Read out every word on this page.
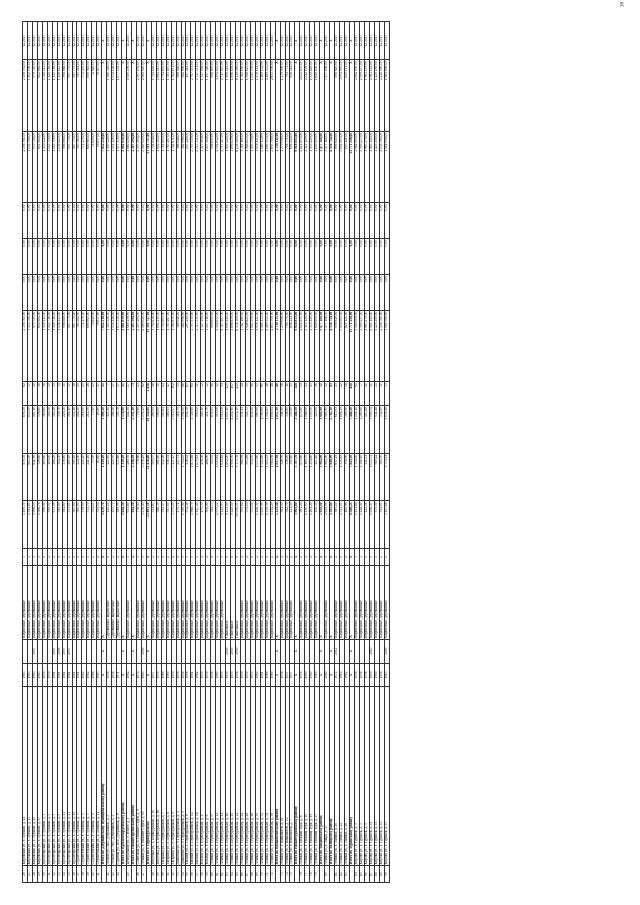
38
26	Кировская ул., г. Луганск, д. 12	1963		Кирпичные, деревянные	3	1 400,70	970,30	676,30	62	2 356 761,00	0,00	0,00	0,00	2 356 761,00	2 356 761,00	12.2017
27	Кировская ул., г. Луганск, д. 13	1963		Кирпичные, деревянные	3	1 011,60	663,50	633,50	37	1 102 706,00	0,00	0,00	0,00	1 102 706,00	1 102 706,00	12.2017
28	Кировская ул., г. Луганск, д. 15	1963	2007	Кирпичные, деревянные	3	1 006,10	641,50	587,10	25	979 720,00	0,00	0,00	0,00	979 720,00	979 720,00	12.2017
29	Кировская ул., г. Луганск, д. 17	1963		Кирпичные, деревянные	3	1 588,76	729,80	578,80	58	602 984,00	0,00	0,00	0,00	602 984,00	602 984,00	12.2017
30	Пролетарская ул., г. Луганск, д. 3	1959		Кирпичные, деревянные	2	596,00	409,60	310,60	38	1 529 112,00	0,00	0,00	0,00	1 529 112,00	1 529 112,00	12.2017
31	Пролетарская ул., г. Луганск, д. 5	1959		Кирпичные, деревянные	2	598,00	409,00	318,50	35	1 145 716,00	0,00	0,00	0,00	1 145 716,00	1 145 716,00	12.2017
32	Пролетарская ул., г. Луганск, д. 7	1961	2007	Кирпичные, деревянные	2	673,50	366,20	305,20	33	1 145 716,00	0,00	0,00	0,00	1 145 716,00	1 145 716,00	12.2017
33	Пролетарская ул., г. Луганск, д. 9	1961	2008	Кирпичные, деревянные	2	549,00	394,30	339,70	34	1 136 443,00	0,00	0,00	0,00	1 136 443,00	1 136 443,00	12.2017
34	Пролетарская ул., г. Луганск, д. 11	1961	2007	Кирпичные, деревянные	2	584,60	376,80	229,20	31	998 088,00	0,00	0,00	0,00	998 088,00	998 088,00	12.2017
35	Пролетарская ул., г. Луганск, д. 13	1961	2007	Кирпичные, деревянные	2	573,00	400,10	361,40	37	997 779,00	0,00	0,00	0,00	997 779,00	997 779,00	12.2017
36	Пролетарская ул., г. Луганск, д. 15	1961		Кирпичные, деревянные	2	567,00	390,10	332,40	36	997 779,00	0,00	0,00	0,00	997 779,00	997 779,00	12.2017
37	Строительная ул., г. Луганск, д. 3	1961		Кирпичные, деревянные	2	380,00	224,90	216,20	25	785 382,00	0,00	0,00	0,00	785 382,00	785 382,00	12.2017
38	Строительная ул., г. Луганск, д. 5	1962		Кирпичные, деревянные	2	378,00	225,20	216,00	25	771 470,00	0,00	0,00	0,00	771 470,00	771 470,00	12.2017
39	Строительная ул., г. Луганск, д. 7	1962		Кирпичные, деревянные	2	372,70	241,20	212,30	26	699 965,00	0,00	0,00	0,00	699 965,00	699 965,00	12.2017
40	Строительная ул., г. Луганск, д. 9	1966		Кирпичные, деревянные	2	354,10	77,90	77,90	23	74 649,00	0,00	0,00	0,00	74 649,00	74 649,00	12.2017
41	Строительная ул., г. Луганск, д. 11	1963		Кирпичные, деревянные	2	353,14	85,80	85,80	17	78 837,00	0,00	0,00	0,00	78 837,00	78 837,00	12.2017
	Итого по Дзержинскому муниципальному району	X	X	X	X	1 470,70	1 359,20	1 309,20	51	7 832 218,00	0,00	0,00	0,00	7 832 218,00	X	X
42	Лесная ул., пос. Дзержинск, д. 2	1958		Деревянные, кирпичные	2	425,10	425,10	425,10	7	1 360 326,00	0,00	0,00	0,00	1 360 326,00	1 360 326,00	12.2017
43	Лесная ул., пос. Дзержинск, д. 4	1958		Деревянные, кирпичные	2	455,70	420,30	398,20	27	1 534 128,00	0,00	0,00	0,00	1 534 128,00	1 534 128,00	12.2017
44	Садовая ул., пос. Дзержинск, д. 6	1971		Деревянные, кирпичные	2	589,90	513,80	350,70	17	1 077 339,00	0,00	0,00	0,00	1 077 339,00	1 077 339,00	12.2017
	Итого по Красногвардейскому району	X	X	X	X	2 634,10	1 339,20	1 174,00	51	5 961 839,00	0,00	0,00	0,00	5 961 839,00	X	X
45	Центральная ул., с. Новое, д. 1	1964		Кирпичные, деревянные	3	633,80	480,70	444,30	27	1 080 456,00	0,00	0,00	0,00	1 080 456,00	1 080 456,00	12.2017
	Итого по Нижнесергинскому району	X	X	X	X	634,10	2 336,10	2 331,30	73	2 307 294,00	0,00	0,00	0,00	2 307 294,00	X	X
46	Советская ул., г. Нижние Серги, д. 9	1974		Кирпичные, деревянные	3	778,80	778,80	778,80	23	2 307 294,00	0,00	0,00	0,00	2 307 294,00	2 307 294,00	12.2017
47	Ленина ул., г. Нижние Серги, д. 10	1965	2009	Кирпичные, деревянные	5	3 276,45	3 276,45	3 276,45	62	2 569 020,00	0,00	0,00	0,00	2 569 020,00	2 569 020,00	12.2017
	Итого по г. Первоуральску	X	X	X	X	23 803,18	21 416,40	20 314,00	2 436	51 101 737,00	0,00	0,00	0,00	51 101 737,00	X	X
48	Ватутина ул., г. Первоуральск, д. 10	1957		Кирпичные, деревянные	2	531,83	509,07	490,91	48	1 794 838,00	0,00	0,00	0,00	1 794 838,00	1 794 838,00	12.2017
49	Ватутина ул., г. Первоуральск, д. 16	1959		Кирпичные, деревянные	2	586,30	561,80	506,00	51	1 692 115,00	0,00	0,00	0,00	1 692 115,00	1 692 115,00	12.2017
50	Гагарина ул., г. Первоуральск, д. 7	1960		Кирпичные, деревянные	2	552,47	512,08	503,84	44	1 794 693,00	0,00	0,00	0,00	1 794 693,00	1 794 693,00	12.2017
51	Гагарина ул., г. Первоуральск, д. 8	1960		Кирпичные, деревянные	2	557,65	516,34	486,05	47	1 783 467,00	0,00	0,00	0,00	1 783 467,00	1 783 467,00	12.2017
52	Гагарина ул., г. Первоуральск, д. 9	1959		Кирпичные, деревянные	4	3 575,20	3 427,47	3 012,07	102	1 782 671,00	0,00	0,00	0,00	1 782 671,00	1 782 671,00	12.2017
53	Данилова ул., г. Первоуральск, д. 3	1958		Кирпичные, деревянные	2	475,71	447,72	418,79	33	388 048,00	0,00	0,00	0,00	388 048,00	388 048,00	12.2017
54	Данилова ул., г. Первоуральск, д. 5	1958		Кирпичные, деревянные	5	1 789,99	1 714,25	1 594,00	68	382 996,00	0,00	0,00	0,00	382 996,00	382 996,00	12.2017
55	Емлина ул., г. Первоуральск, д. 6	1956		Кирпичные, деревянные	3	974,38	926,52	836,78	65	297 449,00	0,00	0,00	0,00	297 449,00	297 449,00	12.2017
56	Емлина ул., г. Первоуральск, д. 14	1961		Кирпичные, деревянные	5	1 968,75	1 873,88	1 729,60	65	2 707 535,00	0,00	0,00	0,00	2 707 535,00	2 707 535,00	12.2017
57	Емлина ул., г. Первоуральск, д. 16	1962		Кирпичные, деревянные	5	1 147,49	1 079,43	999,02	51	2 717 331,00	0,00	0,00	0,00	2 717 331,00	2 717 331,00	12.2017
58	Ильича ул., г. Первоуральск, д. 4	1955		Кирпичные, деревянные	2	475,70	478,30	445,40	32	1 327 494,00	0,00	0,00	0,00	1 327 494,00	1 327 494,00	12.2017
59	Ильича ул., г. Первоуральск, д. 6	1959		Кирпичные, деревянные	2	506,90	466,90	411,70	32	1 197 318,00	0,00	0,00	0,00	1 197 318,00	1 197 318,00	12.2017
60	Ленина ул., г. Первоуральск, д. 9	1956		Кирпичные, деревянные	4	784,73	723,55	676,55	40	908 695,00	0,00	0,00	0,00	908 695,00	908 695,00	12.2017
61	Ленина ул., г. Первоуральск, д. 12	1960		Кирпичные, деревянные	3	1 075,12	1 015,84	919,06	52	4 194 652,00	0,00	0,00	0,00	4 194 652,00	4 194 652,00	12.2017
62	Ленина ул., г. Первоуральск, д. 14	1955		Кирпичные, деревянные	3	1 112,93	1 049,18	1 014,08	54	2 717 407,00	0,00	0,00	0,00	2 717 407,00	2 717 407,00	12.2017
63	Ленина ул., г. Первоуральск, д. 18	1955	2005	Панельные	5	5 133,00	4 892,00	4 097,40	129	1 909 449,00	0,00	0,00	0,00	1 909 449,00	1 909 449,00	12.2017
64	Ленина ул., г. Первоуральск, д. 20	1955	2005	Панельные	5	5 245,10	4 990,50	4 211,90	107	1 896 839,00	0,00	0,00	0,00	1 896 839,00	1 896 839,00	12.2017
65	Ленина ул., г. Первоуральск, д. 22	1958	2009	Панельные	9	10 038,50	9 373,76	9 172,30	419	6 138 389,00	0,00	0,00	0,00	6 138 389,00	6 138 389,00	12.2017
66	Ленина ул., г. Первоуральск, д. 24	1959		Кирпичные, деревянные	2	593,64	568,99	531,44	44	1 782 180,00	0,00	0,00	0,00	1 782 180,00	1 782 180,00	12.2017
67	Ленина ул., г. Первоуральск, д. 26	1959		Кирпичные, деревянные	2	579,19	553,89	545,75	33	1 948 823,00	0,00	0,00	0,00	1 948 823,00	1 948 823,00	12.2017
68	Ленина ул., г. Первоуральск, д. 28	1955		Кирпичные, деревянные	2	973,00	934,30	874,50	40	1 943 359,00	0,00	0,00	0,00	1 943 359,00	1 943 359,00	12.2017
69	Ленина ул., г. Первоуральск, д. 30	1960		Кирпичные, деревянные	2	1 128,30	1 037,60	980,90	53	1 978 121,00	0,00	0,00	0,00	1 978 121,00	1 978 121,00	12.2017
70	Ленина ул., г. Первоуральск, д. 32	1961		Кирпичные, деревянные	2	1 630,90	1 545,80	1 509,60	61	2 189 134,00	0,00	0,00	0,00	2 189 134,00	2 189 134,00	12.2017
71	Ленина ул., г. Первоуральск, д. 34	1960		Кирпичные, деревянные	2	1 576,38	1 505,33	1 394,85	48	2 169 353,00	0,00	0,00	0,00	2 169 353,00	2 169 353,00	12.2017
72	Ленина ул., г. Первоуральск, д. 36	1960		Кирпичные, деревянные	2	1 114,29	1 064,36	1 009,51	48	2 653 706,00	0,00	0,00	0,00	2 653 706,00	2 653 706,00	12.2017
	Итого по Камышловскому району	X	X	X	X	1 125,50	1 037,30	1 037,30	40	2 730 111,00	0,00	0,00	0,00	2 730 111,00	X	X
73	Ленина ул., г. Камышлов, д. 11	1958		Кирпичные, деревянные	2	361,30	348,50	348,50	16	1 279 096,00	0,00	0,00	0,00	1 279 096,00	1 279 096,00	12.2017
74	Ленина ул., г. Камышлов, д. 12	1957		Кирпичные, деревянные	2	342,70	338,00	338,00	11	794 771,00	0,00	0,00	0,00	794 771,00	794 771,00	12.2017
75	Ленина ул., г. Камышлов, д. 7	1957		Кирпичные, деревянные	2	421,50	350,80	350,80	13	656 244,00	0,00	0,00	0,00	656 244,00	656 244,00	12.2017
	Итого по Нижнетуринскому району	X	X	X	X	3 903,60	3 707,70	3 546,30	149	9 918 833,00	0,00	0,00	0,00	9 918 833,00	X	X
76	Ленина ул., г. Нижняя Тура, д. 8	1958		Кирпичные, деревянные	2	981,20	875,80	875,80	34	4 621 855,00	0,00	0,00	0,00	4 621 855,00	4 621 855,00	12.2017
77	Ленина ул., г. Нижняя Тура, д. 10	1960		Кирпичные, деревянные	2	1 210,90	1 169,70	1 088,00	44	2 312 129,00	0,00	0,00	0,00	2 312 129,00	2 312 129,00	12.2017
78	Ленина ул., г. Нижняя Тура, д. 15	1960		Кирпичные, деревянные	2	1 261,20	1 234,80	1 159,50	43	1 335 449,00	0,00	0,00	0,00	1 335 449,00	1 335 449,00	12.2017
79	Ленина ул., г. Нижняя Тура, д. 27	1960		Кирпичные, деревянные	2	450,30	427,40	423,00	28	1 649 400,00	0,00	0,00	0,00	1 649 400,00	1 649 400,00	12.2017
	Итого по Тавдинскому району	X	X	X	X	2 059,00	1 985,90	1 985,90	12	3 477 188,00	0,00	0,00	0,00	3 477 188,00	X	X
80	Ленина ул., г. Тавда, д. 17	1960		Кирпичные, деревянные	3	2 059,00	1 985,90	1 985,90	12	3 477 188,00	0,00	0,00	0,00	3 477 188,00	3 477 188,00	12.2017
	Итого по Талицкому району	X	X	X	X	3 303,60	2 946,90	2 783,30	85	4 536 754,00	0,00	0,00	0,00	4 536 754,00	X	X
81	Ленина ул., г. Талица, д. 20	1972	2012	Кирпичные, деревянные	2	585,10	657,15	617,05	25	906 640,00	0,00	0,00	0,00	906 640,00	906 640,00	12.2017
82	Ленина ул., г. Талица, д. 24	1965		Кирпичные, деревянные	5	2 311,50	1 929,85	1 806,25	42	3 004 993,00	0,00	0,00	0,00	3 004 993,00	3 004 993,00	12.2017
83	Ленина ул., г. Талица, д. 28	1962		Кирпичные, деревянные	2	465,96	359,90	359,90	18	625 121,00	0,00	0,00	0,00	625 121,00	625 121,00	12.2017
	Итого по Туринскому району	X	X	X	X	8 588,25	7 843,30	7 484,50	458	13 771 558,00	0,00	0,00	0,00	13 771 558,00	X	X
84	Кирова ул., г. Туринск, д. 3	1958		Кирпичные, деревянные	3	1 431,89	1 314,90	1 222,10	62	2 584 000,00	0,00	0,00	0,00	2 584 000,00	2 584 000,00	12.2017
85	Кирова ул., г. Туринск, д. 5	1958		Кирпичные, деревянные	3	1 448,40	1 366,10	1 289,80	77	2 599 437,00	0,00	0,00	0,00	2 599 437,00	2 599 437,00	12.2017
86	Кирова ул., г. Туринск, д. 9	1958		Кирпичные, деревянные	2	442,51	411,31	407,80	41	1 963 279,00	0,00	0,00	0,00	1 963 279,00	1 963 279,00	12.2017
87	Кирова ул., г. Туринск, д. 11	1959	2010	Кирпичные, деревянные	3	1 098,27	1 032,74	1 009,54	31	2 563 145,00	0,00	0,00	0,00	2 563 145,00	2 563 145,00	12.2017
88	Кирова ул., г. Туринск, д. 13	1960		Кирпичные, деревянные	2	575,50	560,44	544,48	23	1 425 250,00	0,00	0,00	0,00	1 425 250,00	1 425 250,00	12.2017
89	Кирова ул., г. Туринск, д. 15	1958		Кирпичные, деревянные	2	394,00	385,70	334,60	31	2 138 760,00	0,00	0,00	0,00	2 138 760,00	2 138 760,00	12.2017
90	Кирова ул., г. Туринск, д. 17	1963	2009	Кирпичные, деревянные	2	3 197,68	2 771,11	2 676,18	33	1 981 006,00	0,00	0,00	0,00	1 981 006,00	1 981 006,00	12.2017
